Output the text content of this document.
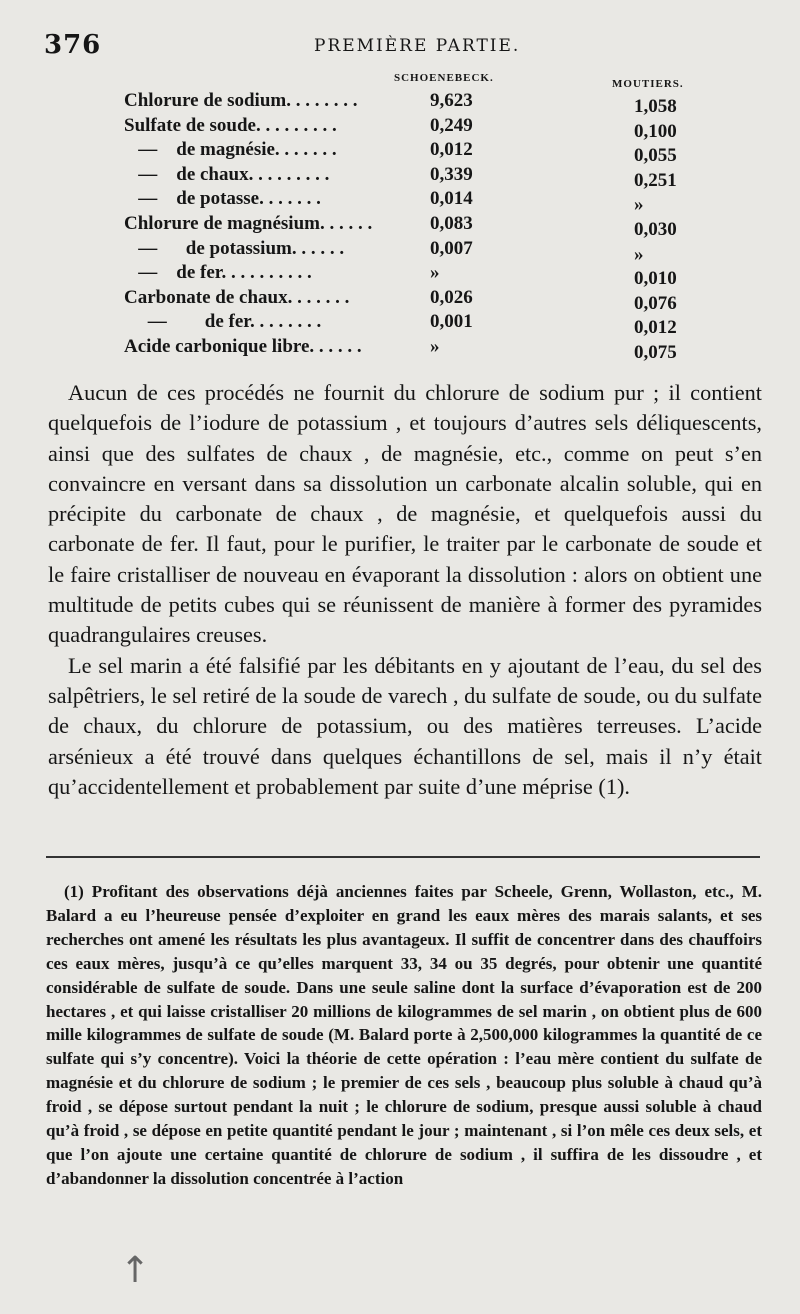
376	PREMIÈRE PARTIE.
SCHOENEBECK.	MOUTIERS.
Chlorure de sodium. . . . . . . .	9,623	1,058
Sulfate de soude. . . . . . . . .	0,249	0,100
—    de magnésie. . . . . . .	0,012	0,055
—    de chaux. . . . . . . . .	0,339	0,251
—    de potasse. . . . . . .	0,014	»
Chlorure de magnésium. . . . . .	0,083	0,030
—      de potassium. . . . . .	0,007	»
—    de fer. . . . . . . . . .	»	0,010
Carbonate de chaux. . . . . . .	0,026	0,076
—        de fer. . . . . . . .	0,001	0,012
Acide carbonique libre. . . . . .	»	0,075

Aucun de ces procédés ne fournit du chlorure de sodium pur ; il contient quelquefois de l’iodure de potassium , et toujours d’autres sels déliquescents, ainsi que des sulfates de chaux , de magnésie, etc., comme on peut s’en convaincre en versant dans sa dissolution un carbonate alcalin soluble, qui en précipite du carbonate de chaux , de magnésie, et quelquefois aussi du carbonate de fer. Il faut, pour le purifier, le traiter par le carbonate de soude et le faire cristalliser de nouveau en évaporant la dissolution : alors on obtient une multitude de petits cubes qui se réunissent de manière à former des pyramides quadrangulaires creuses.

Le sel marin a été falsifié par les débitants en y ajoutant de l’eau, du sel des salpêtriers, le sel retiré de la soude de varech , du sulfate de soude, ou du sulfate de chaux, du chlorure de potassium, ou des matières terreuses. L’acide arsénieux a été trouvé dans quelques échantillons de sel, mais il n’y était qu’accidentellement et probablement par suite d’une méprise (1).

(1) Profitant des observations déjà anciennes faites par Scheele, Grenn, Wollaston, etc., M. Balard a eu l’heureuse pensée d’exploiter en grand les eaux mères des marais salants, et ses recherches ont amené les résultats les plus avantageux. Il suffit de concentrer dans des chauffoirs ces eaux mères, jusqu’à ce qu’elles marquent 33, 34 ou 35 degrés, pour obtenir une quantité considérable de sulfate de soude. Dans une seule saline dont la surface d’évaporation est de 200 hectares , et qui laisse cristalliser 20 millions de kilogrammes de sel marin , on obtient plus de 600 mille kilogrammes de sulfate de soude (M. Balard porte à 2,500,000 kilogrammes la quantité de ce sulfate qui s’y concentre). Voici la théorie de cette opération : l’eau mère contient du sulfate de magnésie et du chlorure de sodium ; le premier de ces sels , beaucoup plus soluble à chaud qu’à froid , se dépose surtout pendant la nuit ; le chlorure de sodium, presque aussi soluble à chaud qu’à froid , se dépose en petite quantité pendant le jour ; maintenant , si l’on mêle ces deux sels, et que l’on ajoute une certaine quantité de chlorure de sodium , il suffira de les dissoudre , et d’abandonner la dissolution concentrée à l’action

↑
